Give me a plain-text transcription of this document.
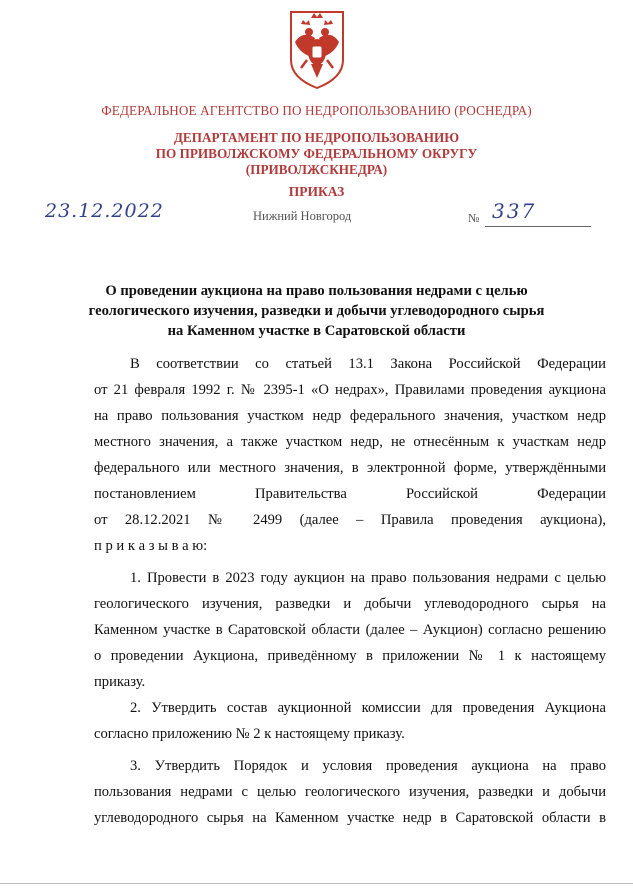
ФЕДЕРАЛЬНОЕ АГЕНТСТВО ПО НЕДРОПОЛЬЗОВАНИЮ (РОСНЕДРА)
ДЕПАРТАМЕНТ ПО НЕДРОПОЛЬЗОВАНИЮ
ПО ПРИВОЛЖСКОМУ ФЕДЕРАЛЬНОМУ ОКРУГУ
(ПРИВОЛЖСКНЕДРА)
ПРИКАЗ
23.12.2022	Нижний Новгород	№ 337
О проведении аукциона на право пользования недрами с целью
геологического изучения, разведки и добычи углеводородного сырья
на Каменном участке в Саратовской области
В соответствии со статьей 13.1 Закона Российской Федерации
от 21 февраля 1992 г. № 2395-1 «О недрах», Правилами проведения аукциона
на право пользования участком недр федерального значения, участком недр
местного значения, а также участком недр, не отнесённым к участкам недр
федерального или местного значения, в электронной форме, утверждёнными
постановлением Правительства Российской Федерации
от 28.12.2021 № 2499 (далее – Правила проведения аукциона),
п р и к а з ы в а ю:
1. Провести в 2023 году аукцион на право пользования недрами с целью
геологического изучения, разведки и добычи углеводородного сырья на
Каменном участке в Саратовской области (далее – Аукцион) согласно решению
о проведении Аукциона, приведённому в приложении № 1 к настоящему
приказу.
2. Утвердить состав аукционной комиссии для проведения Аукциона
согласно приложению № 2 к настоящему приказу.
3. Утвердить Порядок и условия проведения аукциона на право
пользования недрами с целью геологического изучения, разведки и добычи
углеводородного сырья на Каменном участке недр в Саратовской области в
